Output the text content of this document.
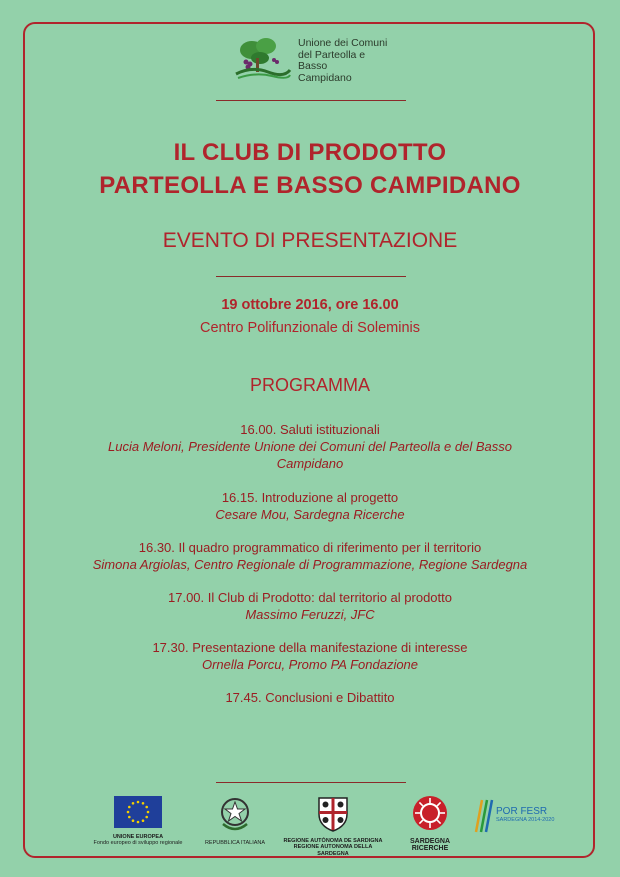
Unione dei Comuni
del Parteolla e
Basso
Campidano
IL CLUB DI PRODOTTO
PARTEOLLA E BASSO CAMPIDANO
EVENTO DI PRESENTAZIONE
19 ottobre 2016, ore 16.00
Centro Polifunzionale di Soleminis
PROGRAMMA
16.00. Saluti istituzionali
Lucia Meloni, Presidente Unione dei Comuni del Parteolla e del Basso
Campidano
16.15. Introduzione al progetto
Cesare Mou, Sardegna Ricerche
16.30. Il quadro programmatico di riferimento per il territorio
Simona Argiolas, Centro Regionale di Programmazione, Regione Sardegna
17.00. Il Club di Prodotto: dal territorio al prodotto
Massimo Feruzzi, JFC
17.30. Presentazione della manifestazione di interesse
Ornella Porcu, Promo PA Fondazione
17.45. Conclusioni e Dibattito
UNIONE EUROPEA
Fondo europeo di sviluppo regionale	REPUBBLICA ITALIANA	REGIONE AUTÒNOMA DE SARDIGNA
REGIONE AUTONOMA DELLA SARDEGNA
SARDEGNA
RICERCHE
POR FESR
SARDEGNA 2014-2020
